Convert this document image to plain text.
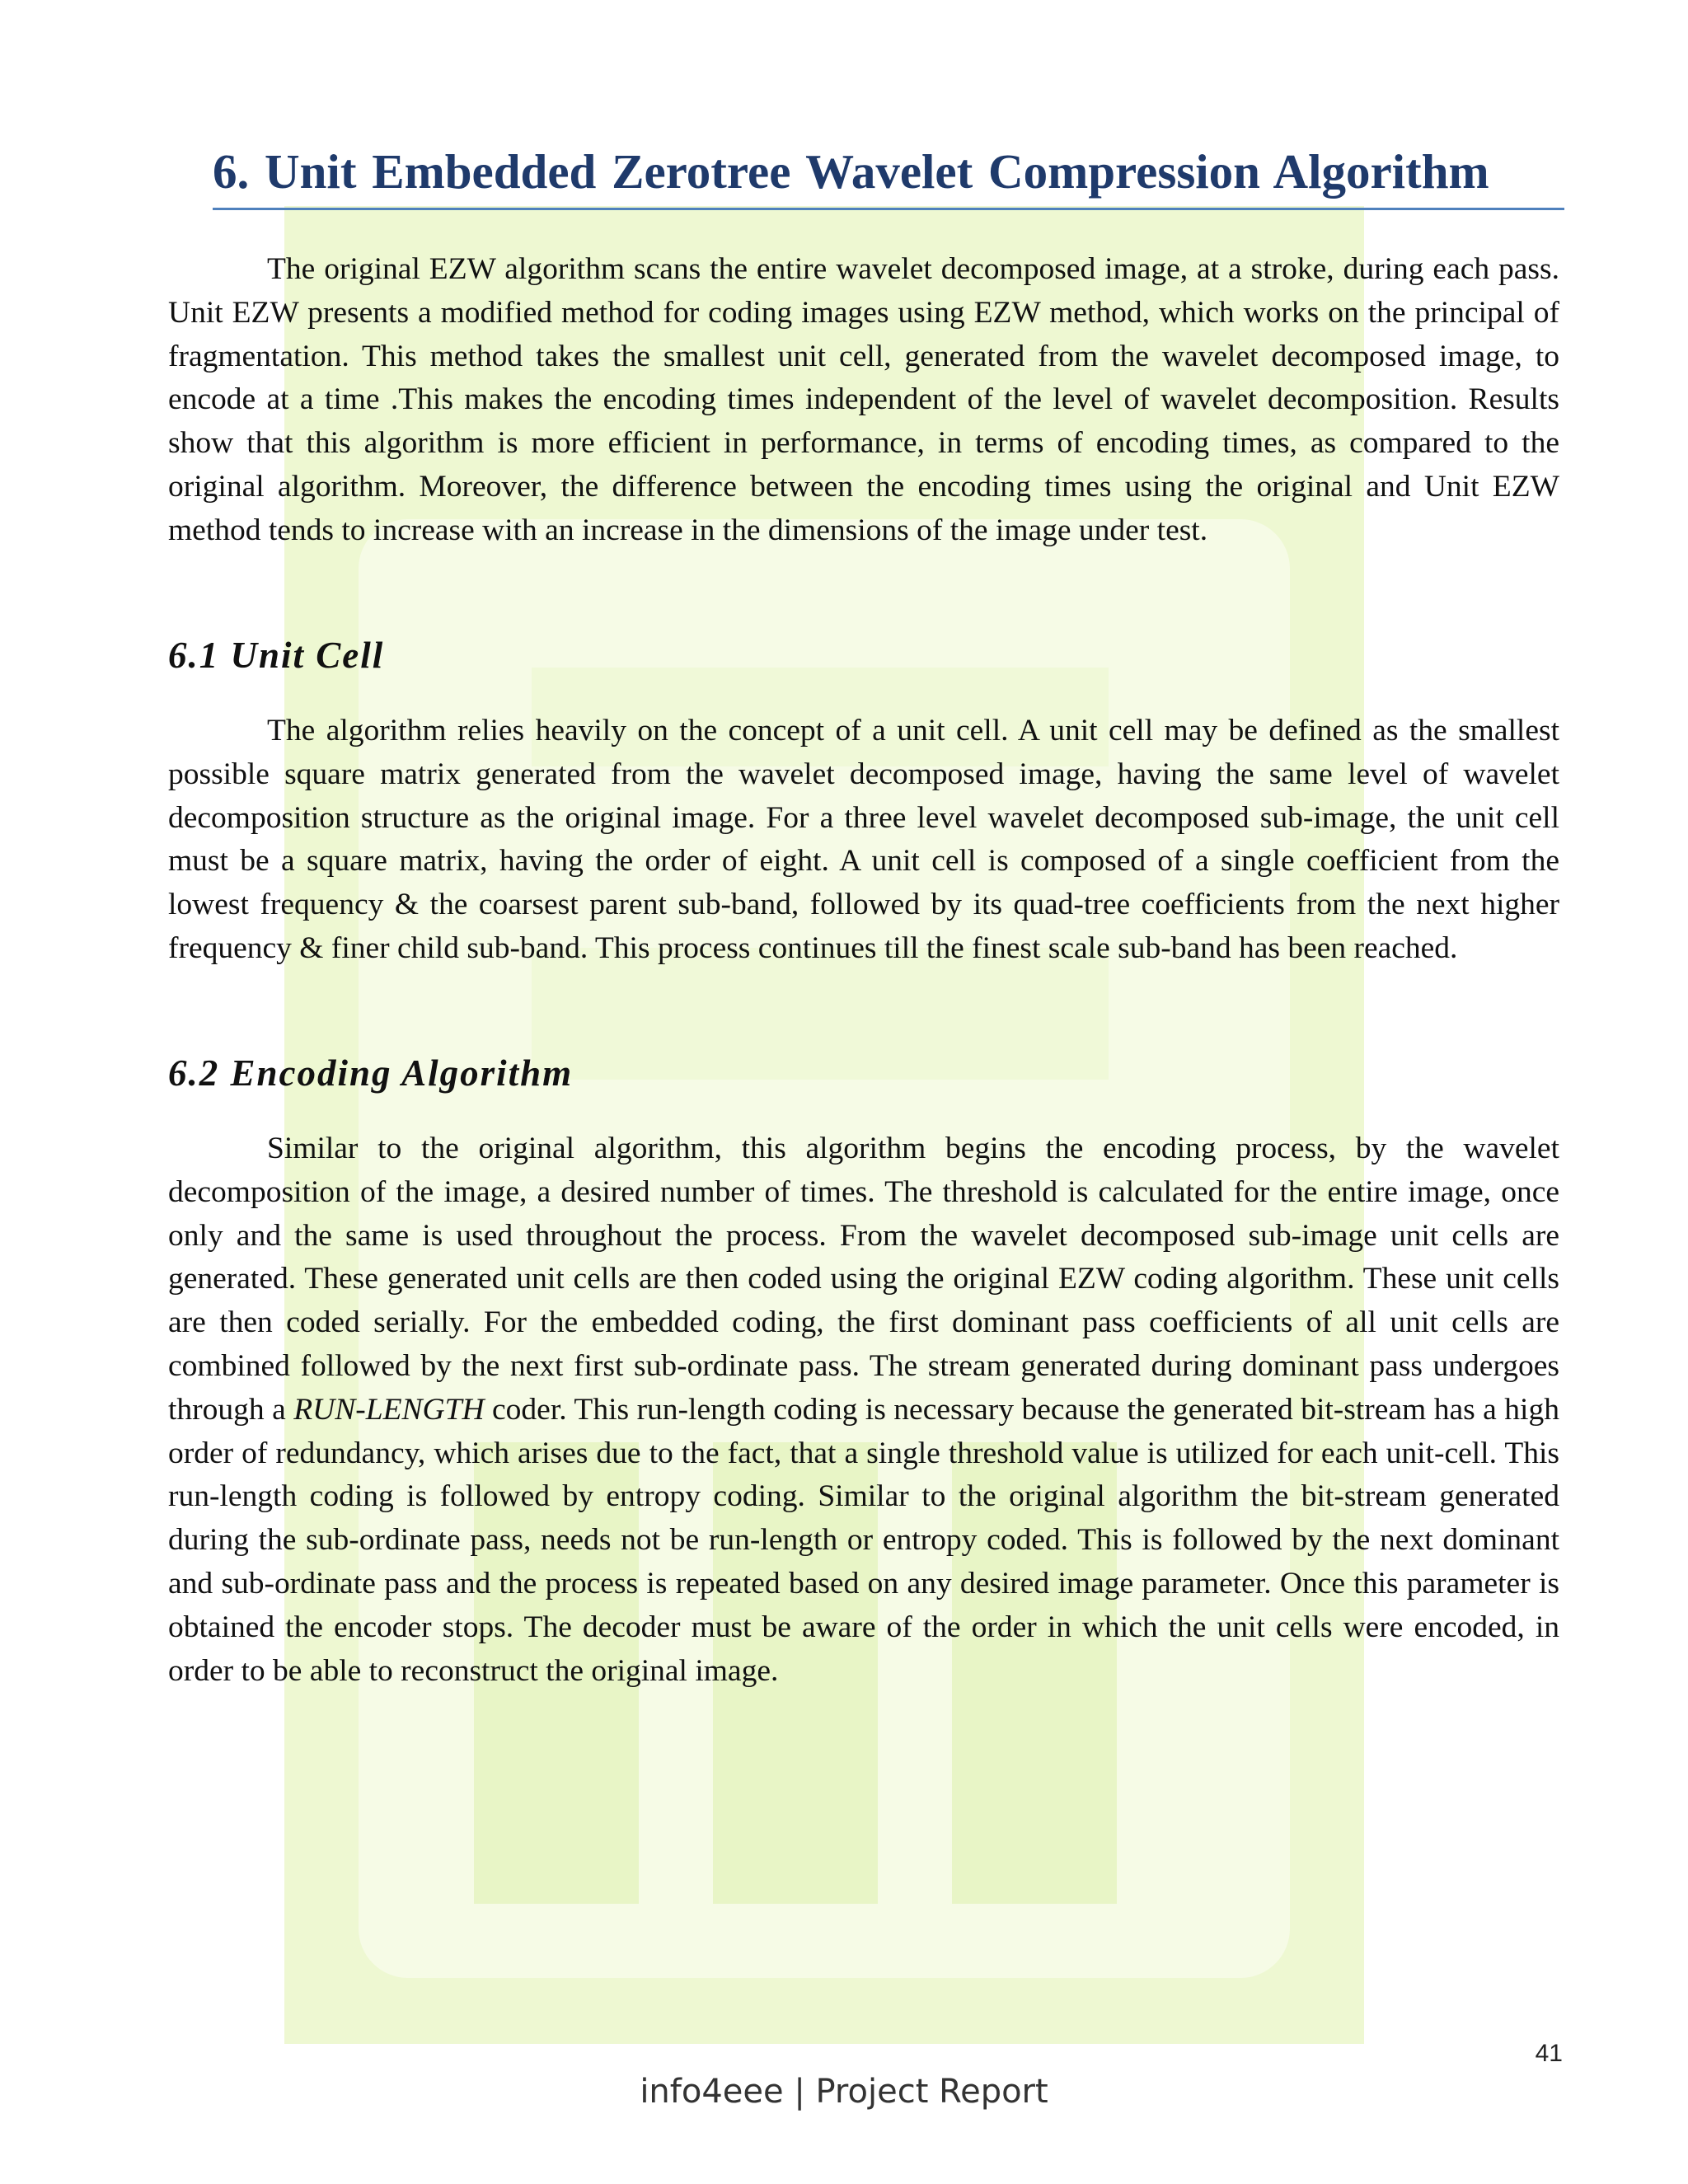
6. Unit Embedded Zerotree Wavelet Compression Algorithm

The original EZW algorithm scans the entire wavelet decomposed image, at a stroke, during each pass. Unit EZW presents a modified method for coding images using EZW method, which works on the principal of fragmentation. This method takes the smallest unit cell, generated from the wavelet decomposed image, to encode at a time .This makes the encoding times independent of the level of wavelet decomposition. Results show that this algorithm is more efficient in performance, in terms of encoding times, as compared to the original algorithm. Moreover, the difference between the encoding times using the original and Unit EZW method tends to increase with an increase in the dimensions of the image under test.

6.1 Unit Cell

The algorithm relies heavily on the concept of a unit cell. A unit cell may be defined as the smallest possible square matrix generated from the wavelet decomposed image, having the same level of wavelet decomposition structure as the original image. For a three level wavelet decomposed sub-image, the unit cell must be a square matrix, having the order of eight. A unit cell is composed of a single coefficient from the lowest frequency & the coarsest parent sub-band, followed by its quad-tree coefficients from the next higher frequency & finer child sub-band. This process continues till the finest scale sub-band has been reached.

6.2 Encoding Algorithm

Similar to the original algorithm, this algorithm begins the encoding process, by the wavelet decomposition of the image, a desired number of times. The threshold is calculated for the entire image, once only and the same is used throughout the process. From the wavelet decomposed sub-image unit cells are generated. These generated unit cells are then coded using the original EZW coding algorithm. These unit cells are then coded serially. For the embedded coding, the first dominant pass coefficients of all unit cells are combined followed by the next first sub-ordinate pass. The stream generated during dominant pass undergoes through a RUN-LENGTH coder. This run-length coding is necessary because the generated bit-stream has a high order of redundancy, which arises due to the fact, that a single threshold value is utilized for each unit-cell. This run-length coding is followed by entropy coding. Similar to the original algorithm the bit-stream generated during the sub-ordinate pass, needs not be run-length or entropy coded. This is followed by the next dominant and sub-ordinate pass and the process is repeated based on any desired image parameter. Once this parameter is obtained the encoder stops. The decoder must be aware of the order in which the unit cells were encoded, in order to be able to reconstruct the original image.

41
info4eee | Project Report
